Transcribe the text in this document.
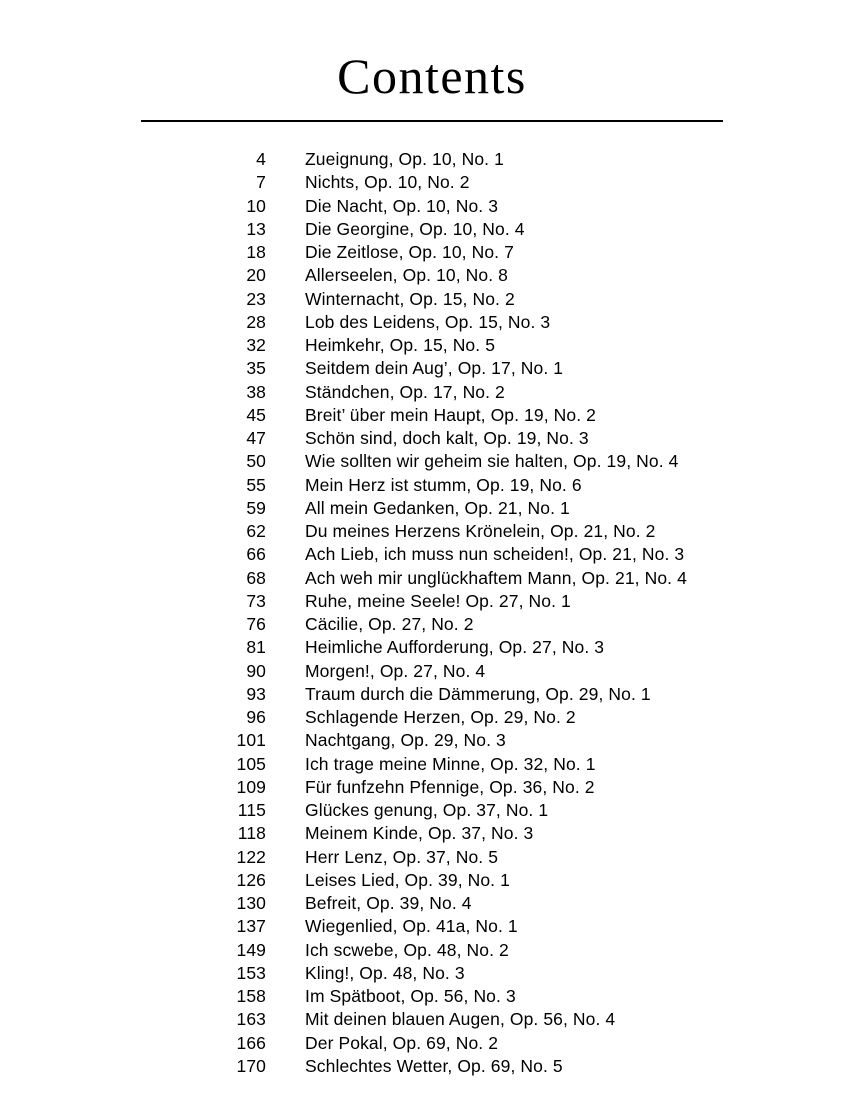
Contents
4 Zueignung, Op. 10, No. 1
7 Nichts, Op. 10, No. 2
10 Die Nacht, Op. 10, No. 3
13 Die Georgine, Op. 10, No. 4
18 Die Zeitlose, Op. 10, No. 7
20 Allerseelen, Op. 10, No. 8
23 Winternacht, Op. 15, No. 2
28 Lob des Leidens, Op. 15, No. 3
32 Heimkehr, Op. 15, No. 5
35 Seitdem dein Aug’, Op. 17, No. 1
38 Ständchen, Op. 17, No. 2
45 Breit’ über mein Haupt, Op. 19, No. 2
47 Schön sind, doch kalt, Op. 19, No. 3
50 Wie sollten wir geheim sie halten, Op. 19, No. 4
55 Mein Herz ist stumm, Op. 19, No. 6
59 All mein Gedanken, Op. 21, No. 1
62 Du meines Herzens Krönelein, Op. 21, No. 2
66 Ach Lieb, ich muss nun scheiden!, Op. 21, No. 3
68 Ach weh mir unglückhaftem Mann, Op. 21, No. 4
73 Ruhe, meine Seele! Op. 27, No. 1
76 Cäcilie, Op. 27, No. 2
81 Heimliche Aufforderung, Op. 27, No. 3
90 Morgen!, Op. 27, No. 4
93 Traum durch die Dämmerung, Op. 29, No. 1
96 Schlagende Herzen, Op. 29, No. 2
101 Nachtgang, Op. 29, No. 3
105 Ich trage meine Minne, Op. 32, No. 1
109 Für funfzehn Pfennige, Op. 36, No. 2
115 Glückes genung, Op. 37, No. 1
118 Meinem Kinde, Op. 37, No. 3
122 Herr Lenz, Op. 37, No. 5
126 Leises Lied, Op. 39, No. 1
130 Befreit, Op. 39, No. 4
137 Wiegenlied, Op. 41a, No. 1
149 Ich scwebe, Op. 48, No. 2
153 Kling!, Op. 48, No. 3
158 Im Spätboot, Op. 56, No. 3
163 Mit deinen blauen Augen, Op. 56, No. 4
166 Der Pokal, Op. 69, No. 2
170 Schlechtes Wetter, Op. 69, No. 5
